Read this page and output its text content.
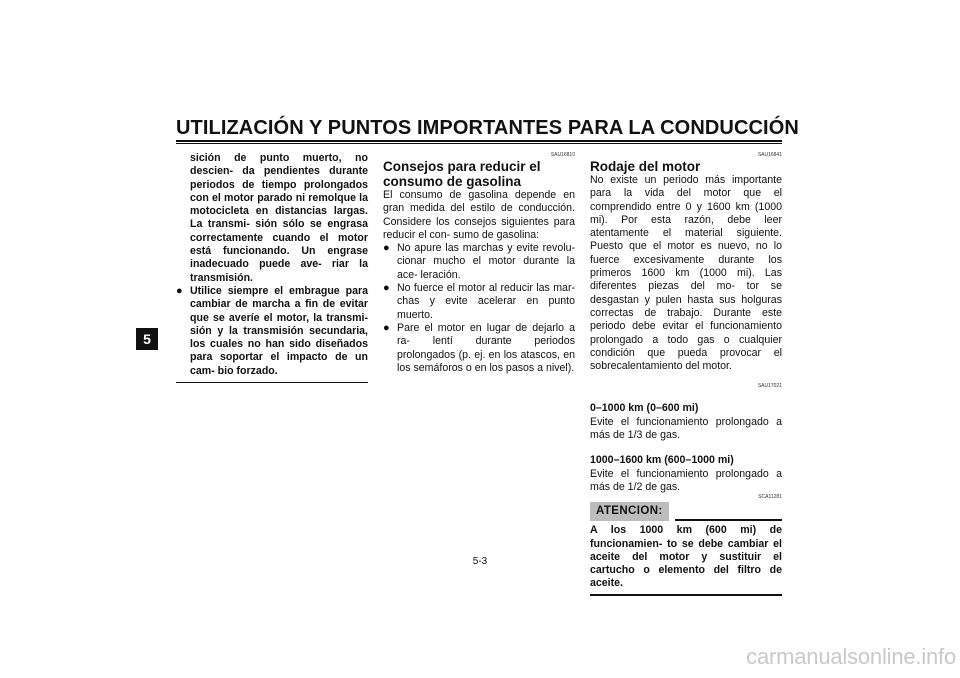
UTILIZACIÓN Y PUNTOS IMPORTANTES PARA LA CONDUCCIÓN
5
sición de punto muerto, no descien- da pendientes durante periodos de tiempo prolongados con el motor parado ni remolque la motocicleta en distancias largas. La transmi- sión sólo se engrasa correctamente cuando el motor está funcionando. Un engrase inadecuado puede ave- riar la transmisión.
● Utilice siempre el embrague para cambiar de marcha a fin de evitar que se averíe el motor, la transmi- sión y la transmisión secundaria, los cuales no han sido diseñados para soportar el impacto de un cam- bio forzado.
SAU16810
Consejos para reducir el consumo de gasolina
El consumo de gasolina depende en gran medida del estilo de conducción. Considere los consejos siguientes para reducir el con- sumo de gasolina:
● No apure las marchas y evite revolu- cionar mucho el motor durante la ace- leración.
● No fuerce el motor al reducir las mar- chas y evite acelerar en punto muerto.
● Pare el motor en lugar de dejarlo a ra- lentí durante periodos prolongados (p. ej. en los atascos, en los semáforos o en los pasos a nivel).
SAU16841
Rodaje del motor
No existe un periodo más importante para la vida del motor que el comprendido entre 0 y 1600 km (1000 mi). Por esta razón, debe leer atentamente el material siguiente. Puesto que el motor es nuevo, no lo fuerce excesivamente durante los primeros 1600 km (1000 mi). Las diferentes piezas del mo- tor se desgastan y pulen hasta sus holguras correctas de trabajo. Durante este periodo debe evitar el funcionamiento prolongado a todo gas o cualquier condición que pueda provocar el sobrecalentamiento del motor.
SAU17021
0–1000 km (0–600 mi)
Evite el funcionamiento prolongado a más de 1/3 de gas.
1000–1600 km (600–1000 mi)
Evite el funcionamiento prolongado a más de 1/2 de gas.
SCA11281
ATENCION:
A los 1000 km (600 mi) de funcionamien- to se debe cambiar el aceite del motor y sustituir el cartucho o elemento del filtro de aceite.
5-3
carmanualsonline.info
